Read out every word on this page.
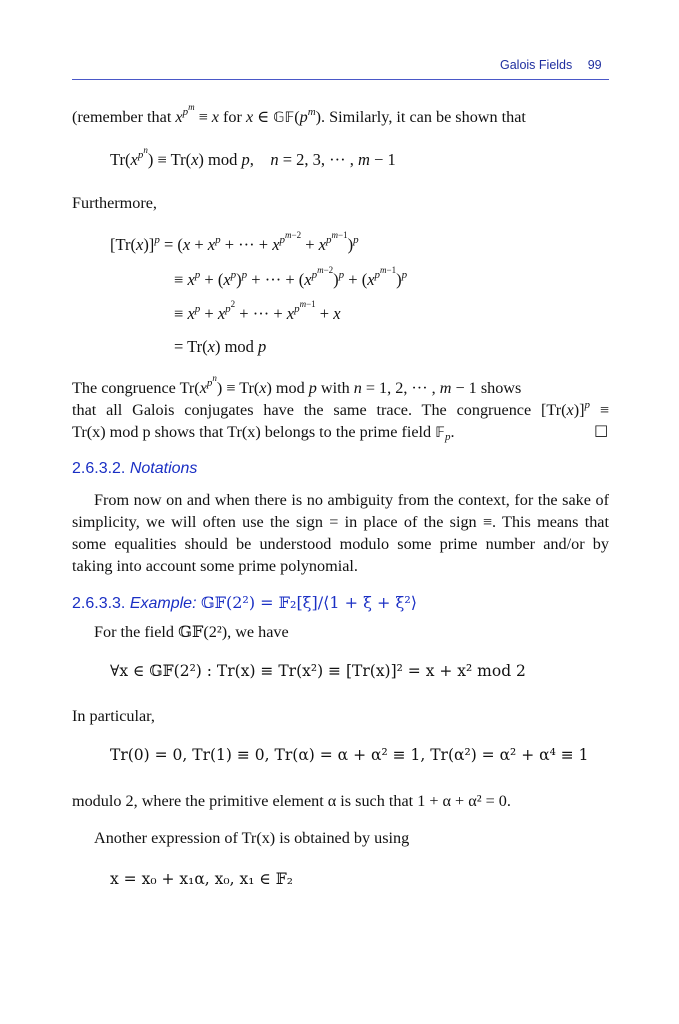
Galois Fields 99
(remember that $x^{p^m} \equiv x$ for x ∈ $𝔾𝔽(p^m)$. Similarly, it can be shown that
$Tr(x^{p^n}) \equiv Tr(x)$ mod p,    n = 2, 3, ··· , m − 1
Furthermore,
$[Tr(x)]^p = (x + x^p$ + ··· + $x^{p^{m-2}} + x^{p^{m-1}})^p$
≡ $x^p + (x^p)^p$ + ··· + $(x^{p^{m-2}})^p + (x^{p^{m-1}})^p$
≡ $x^p + x^{p^2}$ + ··· + $x^{p^{m-1}} + x$
= Tr(x) mod p
The congruence $Tr(x^{p^n}) \equiv Tr(x)$ mod p with n = 1, 2, ··· , m − 1 shows
that all Galois conjugates have the same trace. The congruence $[Tr(x)]^p$ ≡
Tr(x) mod p shows that Tr(x) belongs to the prime field 𝔽$_p$.	□
2.6.3.2. Notations
From now on and when there is no ambiguity from the context, for the sake of simplicity, we will often use the sign = in place of the sign ≡. This means that some equalities should be understood modulo some prime number and/or by taking into account some prime polynomial.
2.6.3.3. Example: 𝔾𝔽(2²) = 𝔽₂[ξ]/⟨1 + ξ + ξ²⟩
For the field 𝔾𝔽(2²), we have
∀x ∈ 𝔾𝔽(2²) : Tr(x) ≡ Tr(x²) ≡ [Tr(x)]² = x + x² mod 2
In particular,
Tr(0) = 0, Tr(1) ≡ 0, Tr(α) = α + α² ≡ 1, Tr(α²) = α² + α⁴ ≡ 1
modulo 2, where the primitive element α is such that 1 + α + α² = 0.
Another expression of Tr(x) is obtained by using
x = x₀ + x₁α, x₀, x₁ ∈ 𝔽₂
